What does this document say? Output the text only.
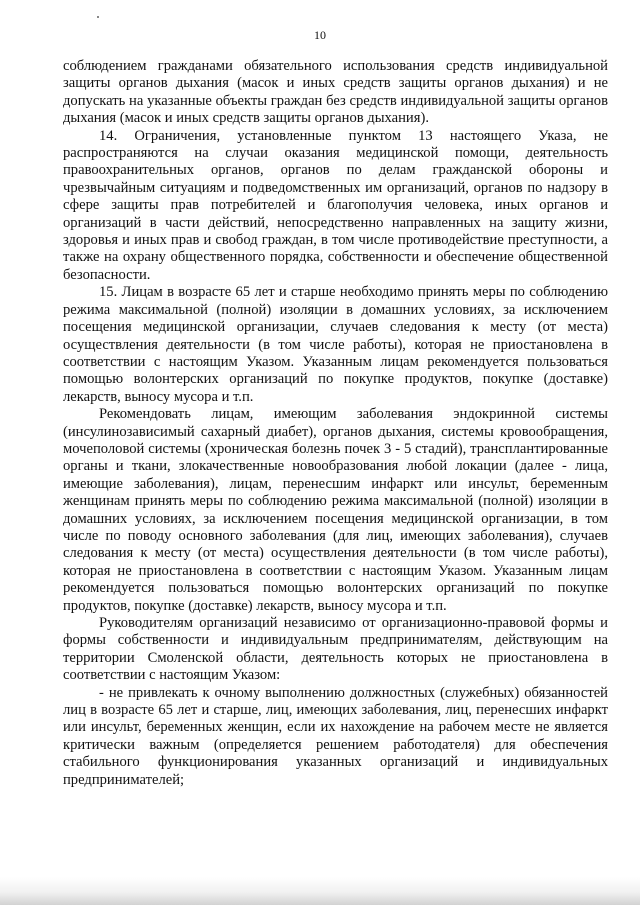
10

соблюдением гражданами обязательного использования средств индивидуальной защиты органов дыхания (масок и иных средств защиты органов дыхания) и не допускать на указанные объекты граждан без средств индивидуальной защиты органов дыхания (масок и иных средств защиты органов дыхания).

14. Ограничения, установленные пунктом 13 настоящего Указа, не распространяются на случаи оказания медицинской помощи, деятельность правоохранительных органов, органов по делам гражданской обороны и чрезвычайным ситуациям и подведомственных им организаций, органов по надзору в сфере защиты прав потребителей и благополучия человека, иных органов и организаций в части действий, непосредственно направленных на защиту жизни, здоровья и иных прав и свобод граждан, в том числе противодействие преступности, а также на охрану общественного порядка, собственности и обеспечение общественной безопасности.

15. Лицам в возрасте 65 лет и старше необходимо принять меры по соблюдению режима максимальной (полной) изоляции в домашних условиях, за исключением посещения медицинской организации, случаев следования к месту (от места) осуществления деятельности (в том числе работы), которая не приостановлена в соответствии с настоящим Указом. Указанным лицам рекомендуется пользоваться помощью волонтерских организаций по покупке продуктов, покупке (доставке) лекарств, выносу мусора и т.п.

Рекомендовать лицам, имеющим заболевания эндокринной системы (инсулинозависимый сахарный диабет), органов дыхания, системы кровообращения, мочеполовой системы (хроническая болезнь почек 3 - 5 стадий), трансплантированные органы и ткани, злокачественные новообразования любой локации (далее - лица, имеющие заболевания), лицам, перенесшим инфаркт или инсульт, беременным женщинам принять меры по соблюдению режима максимальной (полной) изоляции в домашних условиях, за исключением посещения медицинской организации, в том числе по поводу основного заболевания (для лиц, имеющих заболевания), случаев следования к месту (от места) осуществления деятельности (в том числе работы), которая не приостановлена в соответствии с настоящим Указом. Указанным лицам рекомендуется пользоваться помощью волонтерских организаций по покупке продуктов, покупке (доставке) лекарств, выносу мусора и т.п.

Руководителям организаций независимо от организационно-правовой формы и формы собственности и индивидуальным предпринимателям, действующим на территории Смоленской области, деятельность которых не приостановлена в соответствии с настоящим Указом:

- не привлекать к очному выполнению должностных (служебных) обязанностей лиц в возрасте 65 лет и старше, лиц, имеющих заболевания, лиц, перенесших инфаркт или инсульт, беременных женщин, если их нахождение на рабочем месте не является критически важным (определяется решением работодателя) для обеспечения стабильного функционирования указанных организаций и индивидуальных предпринимателей;
